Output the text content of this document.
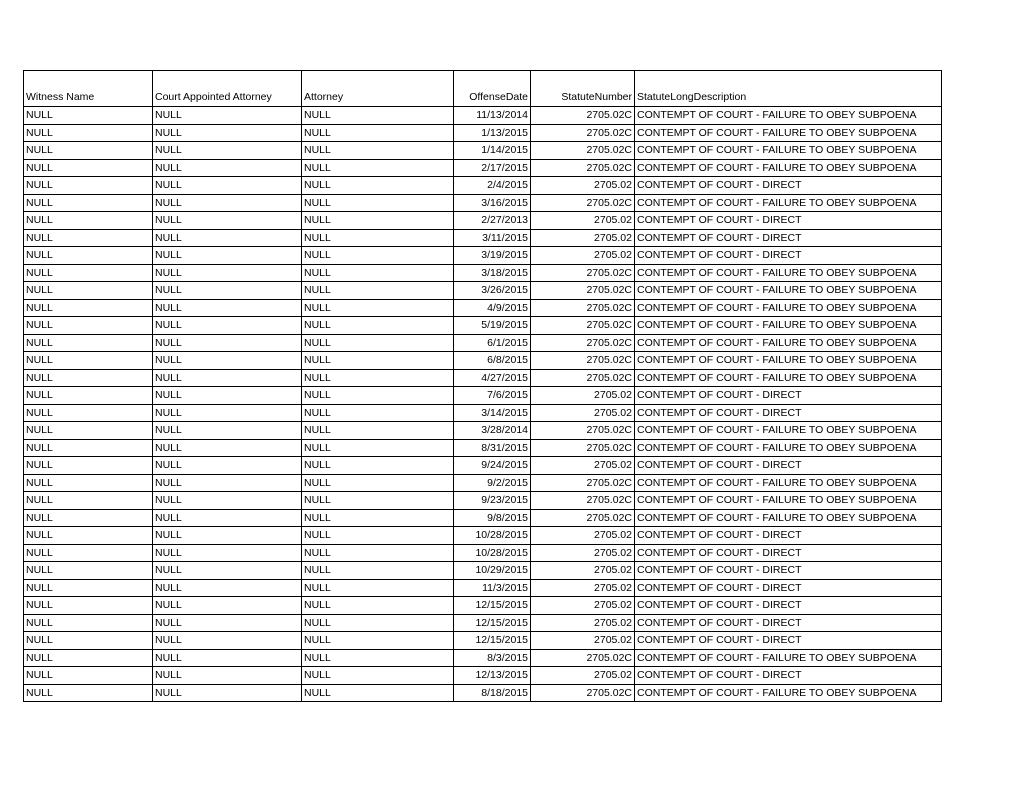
Witness Name	Court Appointed Attorney	Attorney	OffenseDate	StatuteNumber	StatuteLongDescription
NULL	NULL	NULL	11/13/2014	2705.02C	CONTEMPT OF COURT - FAILURE TO OBEY SUBPOENA
NULL	NULL	NULL	1/13/2015	2705.02C	CONTEMPT OF COURT - FAILURE TO OBEY SUBPOENA
NULL	NULL	NULL	1/14/2015	2705.02C	CONTEMPT OF COURT - FAILURE TO OBEY SUBPOENA
NULL	NULL	NULL	2/17/2015	2705.02C	CONTEMPT OF COURT - FAILURE TO OBEY SUBPOENA
NULL	NULL	NULL	2/4/2015	2705.02	CONTEMPT OF COURT - DIRECT
NULL	NULL	NULL	3/16/2015	2705.02C	CONTEMPT OF COURT - FAILURE TO OBEY SUBPOENA
NULL	NULL	NULL	2/27/2013	2705.02	CONTEMPT OF COURT - DIRECT
NULL	NULL	NULL	3/11/2015	2705.02	CONTEMPT OF COURT - DIRECT
NULL	NULL	NULL	3/19/2015	2705.02	CONTEMPT OF COURT - DIRECT
NULL	NULL	NULL	3/18/2015	2705.02C	CONTEMPT OF COURT - FAILURE TO OBEY SUBPOENA
NULL	NULL	NULL	3/26/2015	2705.02C	CONTEMPT OF COURT - FAILURE TO OBEY SUBPOENA
NULL	NULL	NULL	4/9/2015	2705.02C	CONTEMPT OF COURT - FAILURE TO OBEY SUBPOENA
NULL	NULL	NULL	5/19/2015	2705.02C	CONTEMPT OF COURT - FAILURE TO OBEY SUBPOENA
NULL	NULL	NULL	6/1/2015	2705.02C	CONTEMPT OF COURT - FAILURE TO OBEY SUBPOENA
NULL	NULL	NULL	6/8/2015	2705.02C	CONTEMPT OF COURT - FAILURE TO OBEY SUBPOENA
NULL	NULL	NULL	4/27/2015	2705.02C	CONTEMPT OF COURT - FAILURE TO OBEY SUBPOENA
NULL	NULL	NULL	7/6/2015	2705.02	CONTEMPT OF COURT - DIRECT
NULL	NULL	NULL	3/14/2015	2705.02	CONTEMPT OF COURT - DIRECT
NULL	NULL	NULL	3/28/2014	2705.02C	CONTEMPT OF COURT - FAILURE TO OBEY SUBPOENA
NULL	NULL	NULL	8/31/2015	2705.02C	CONTEMPT OF COURT - FAILURE TO OBEY SUBPOENA
NULL	NULL	NULL	9/24/2015	2705.02	CONTEMPT OF COURT - DIRECT
NULL	NULL	NULL	9/2/2015	2705.02C	CONTEMPT OF COURT - FAILURE TO OBEY SUBPOENA
NULL	NULL	NULL	9/23/2015	2705.02C	CONTEMPT OF COURT - FAILURE TO OBEY SUBPOENA
NULL	NULL	NULL	9/8/2015	2705.02C	CONTEMPT OF COURT - FAILURE TO OBEY SUBPOENA
NULL	NULL	NULL	10/28/2015	2705.02	CONTEMPT OF COURT - DIRECT
NULL	NULL	NULL	10/28/2015	2705.02	CONTEMPT OF COURT - DIRECT
NULL	NULL	NULL	10/29/2015	2705.02	CONTEMPT OF COURT - DIRECT
NULL	NULL	NULL	11/3/2015	2705.02	CONTEMPT OF COURT - DIRECT
NULL	NULL	NULL	12/15/2015	2705.02	CONTEMPT OF COURT - DIRECT
NULL	NULL	NULL	12/15/2015	2705.02	CONTEMPT OF COURT - DIRECT
NULL	NULL	NULL	12/15/2015	2705.02	CONTEMPT OF COURT - DIRECT
NULL	NULL	NULL	8/3/2015	2705.02C	CONTEMPT OF COURT - FAILURE TO OBEY SUBPOENA
NULL	NULL	NULL	12/13/2015	2705.02	CONTEMPT OF COURT - DIRECT
NULL	NULL	NULL	8/18/2015	2705.02C	CONTEMPT OF COURT - FAILURE TO OBEY SUBPOENA
